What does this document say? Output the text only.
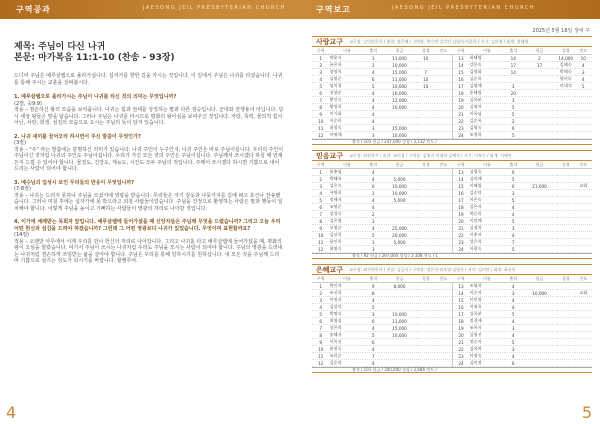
구역공과	JAESONG JEIL PRESBYTERIAN CHURCH
제목: 주님이 다신 나귀
본문: 마가복음 11:1-10 (찬송 - 93장)
드디어 주님은 예루살렘으로 올라가십니다. 십자가를 향한 길을 가시는 것입니다. 이 길에서 주님은 나귀를 타셨습니다. 나귀를 통해 주시는 교훈을 살펴봅시다.
1. 예루살렘으로 올라가시는 주님이 나귀를 타신 것의 의미는 무엇입니까?
(2절, 숙9:9)
적용 – 겸손하신 왕의 모습을 보여줍니다. 나귀는 힘과 권세를 상징하는 말과 다른 짐승입니다. 군대와 전쟁용이 아닙니다. 당시 세상 왕들은 말을 탔습니다. 그러나 주님은 나귀를 타시므로 평화의 왕이심을 보여주신 것입니다. 자랑, 폭력, 물리적 힘이 아닌, 사랑, 희생, 섬김의 모습으로 오시는 주님의 뜻이 담겨 있습니다.
2. 나귀 새끼를 끌어오라 하시면서 주신 말씀이 무엇인가?
(3절)
적용 – "주" 라는 말씀에는 분명하신 의미가 있습니다. 나귀 주인이 누구인지, 나귀 주인은 바로 주님이십니다. 우리의 주인이 주님이신 것처럼 나귀의 주인도 주님이십니다. 우리가 가진 모든 것의 주인은 주님이십니다. 주님께서 쓰시겠다 하실 때 언제든지 드릴 수 있어야 합니다. 물질도, 건강도, 재능도, 시간도 모두 주님의 것입니다. 주께서 쓰시겠다 하시면 기쁨으로 내어드리는 사람이 되어야 합니다.
3. 예수님의 입성시 보인 무리들의 반응이 무엇입니까?
(7-8절)
적용 – 나귀는 드러지 못하나 주님을 모셨기에 영광을 받습니다. 무리들은 자기 겉옷과 나뭇가지를 길에 펴고 호산나 찬송했습니다. 그러나 며칠 후에는 십자가에 못 박으라고 외칠 사람들이었습니다. 주님을 진정으로 환영하는 사람은 말과 행동이 일치해야 합니다. 이렇게 주님을 높이고 기뻐하는 사람들이 영광의 자리로 나아갈 것입니다.
4. 이가에 세례받는 목회자 앞입니다. 예루살렘에 들어가셨을 때 신앙자들은 주님께 무엇을 드렸습니까? 그리고 오늘 우리 어떤 헌신과 섬김을 드려야 하겠습니까? 그런데 그 어떤 영광보다 나귀가 있었습니다. 무엇이며 표현할까요?
(14절)
적용 – 오랜만 아무에서 이제 우리를 만나 헌신의 자리로 나아갑니다. 그리고 나귀를 타고 예루살렘에 들어가셨을 때, 평화의 왕이 오심을 알렸습니다. 여기서 주님이 쓰시는 나귀처럼 우리도 주님을 모시는 사람이 되어야 합니다. 주님의 영광을 드러내는 나귀처럼 겸손하게 쓰임받는 삶을 살아야 합니다. 주님은 우리를 통해 일하시기를 원하십니다. 내 모든 것을 주님께 드리며 기쁨으로 섬기는 성도가 되시기를 바랍니다. 할렐루야.
4
구역보고	JAESONG JEIL PRESBYTERIAN CHURCH
2025년 5월 18일 생애 주
사랑교구 교구장: 김덕열목사 / 권찰: 정은혜 / 구역장: 박수연·김덕인·김영희·이분희 / 서기: 김미영 / 회계: 정해영
구역	이름	출석	헌금	성경	전도	구역	이름	출석	헌금	성경	전도
1	박윤서	3	11,000	10		13	최혜영	14	2	14,000	10
2	유은옥	3	10,000			14	강은숙	17	17	김혜숙	4
3	양정희	4	15,000	7		15	김영화	14		박해숙	3
4	김명순	6	11,000	10		16	김순희			양미숙	4
5	임미경	5	10,000	10		17	김영애	3		이대석	5
6	장향순	4	16,000			18	송혜림	20			
7	황인숙	4	12,000			19	김옥분	3			
8	황정희	4	10,000			20	김영자	5			
9	이기화	4				21	이옥님	5			
10	이순희	4				22	김순옥	2			
11	최정숙	3	15,000			23	김영숙	6			
12	이명애	3	10,000			24	조정희	5			
출석 / 101 헌금 / 247,000 성경 / 2,132 전도 /
믿음교구 교구장: 최현목사 / 권찰: 조미경 / 구역장: 김영숙·이영희·김혜자 / 서기: 이복순 / 회계: 서혜련
구역	이름	출석	헌금	성경	전도	구역	이름	출석	헌금	성경	전도
1	윤춘심	4				13	김영숙	6			
2	박해룡	4	5,000			14	김미애	5			
3	김은숙	6	10,000			15	이혜림	6	21,000		교회
4	서명희	3	10,000			16	김순덕	3			
5	정해자	4	5,000			17	이은숙	5			
6	조명순	4				18	김은자	4			
7	장경숙	2				19	박순희	4			
8	김은영	3				20	이말례	5			
9	오영순	4	25,000			21	김정희	3			
10	김선희	5	20,000			22	이춘자	4			
11	윤인희	3	5,000			23	성은희	7			
12	최명숙	3				24	이광숙	5			
출석 / 92 헌금 / 297,000 성경 / 2,108 전도 / 1
은혜교구 교구장: 최진원목사 / 권찰: 김금자 / 구역장: 정은희·권오영·김영자 / 서기: 김미란 / 회계: 최선희
구역	이름	출석	헌금	성경	전도	구역	이름	출석	헌금	성경	전도
1	박인자	9	8,000			13	조영희	4			
2	조선희	8				14	이순자	3	10,000		교회
3	이정자	4				15	이민정	4			
4	김성덕	5				16	이영옥	4			
5	박명숙	3	10,000			17	김옥분	5			
6	최영실	6	11,000			18	정경애	4			
7	장은희	4	15,000			19	조옥자	3			
8	송혜자	5	10,000			20	김영선	4			
9	이옥선	6				21	정순자	5			
10	윤정숙	4				22	김옥희	3			
11	조희순	7				23	이정숙	4			
12	김순희	4				24	김미정	6			
출석 / 101 헌금 / 300,000 성경 / 2,686 전도 /
5
